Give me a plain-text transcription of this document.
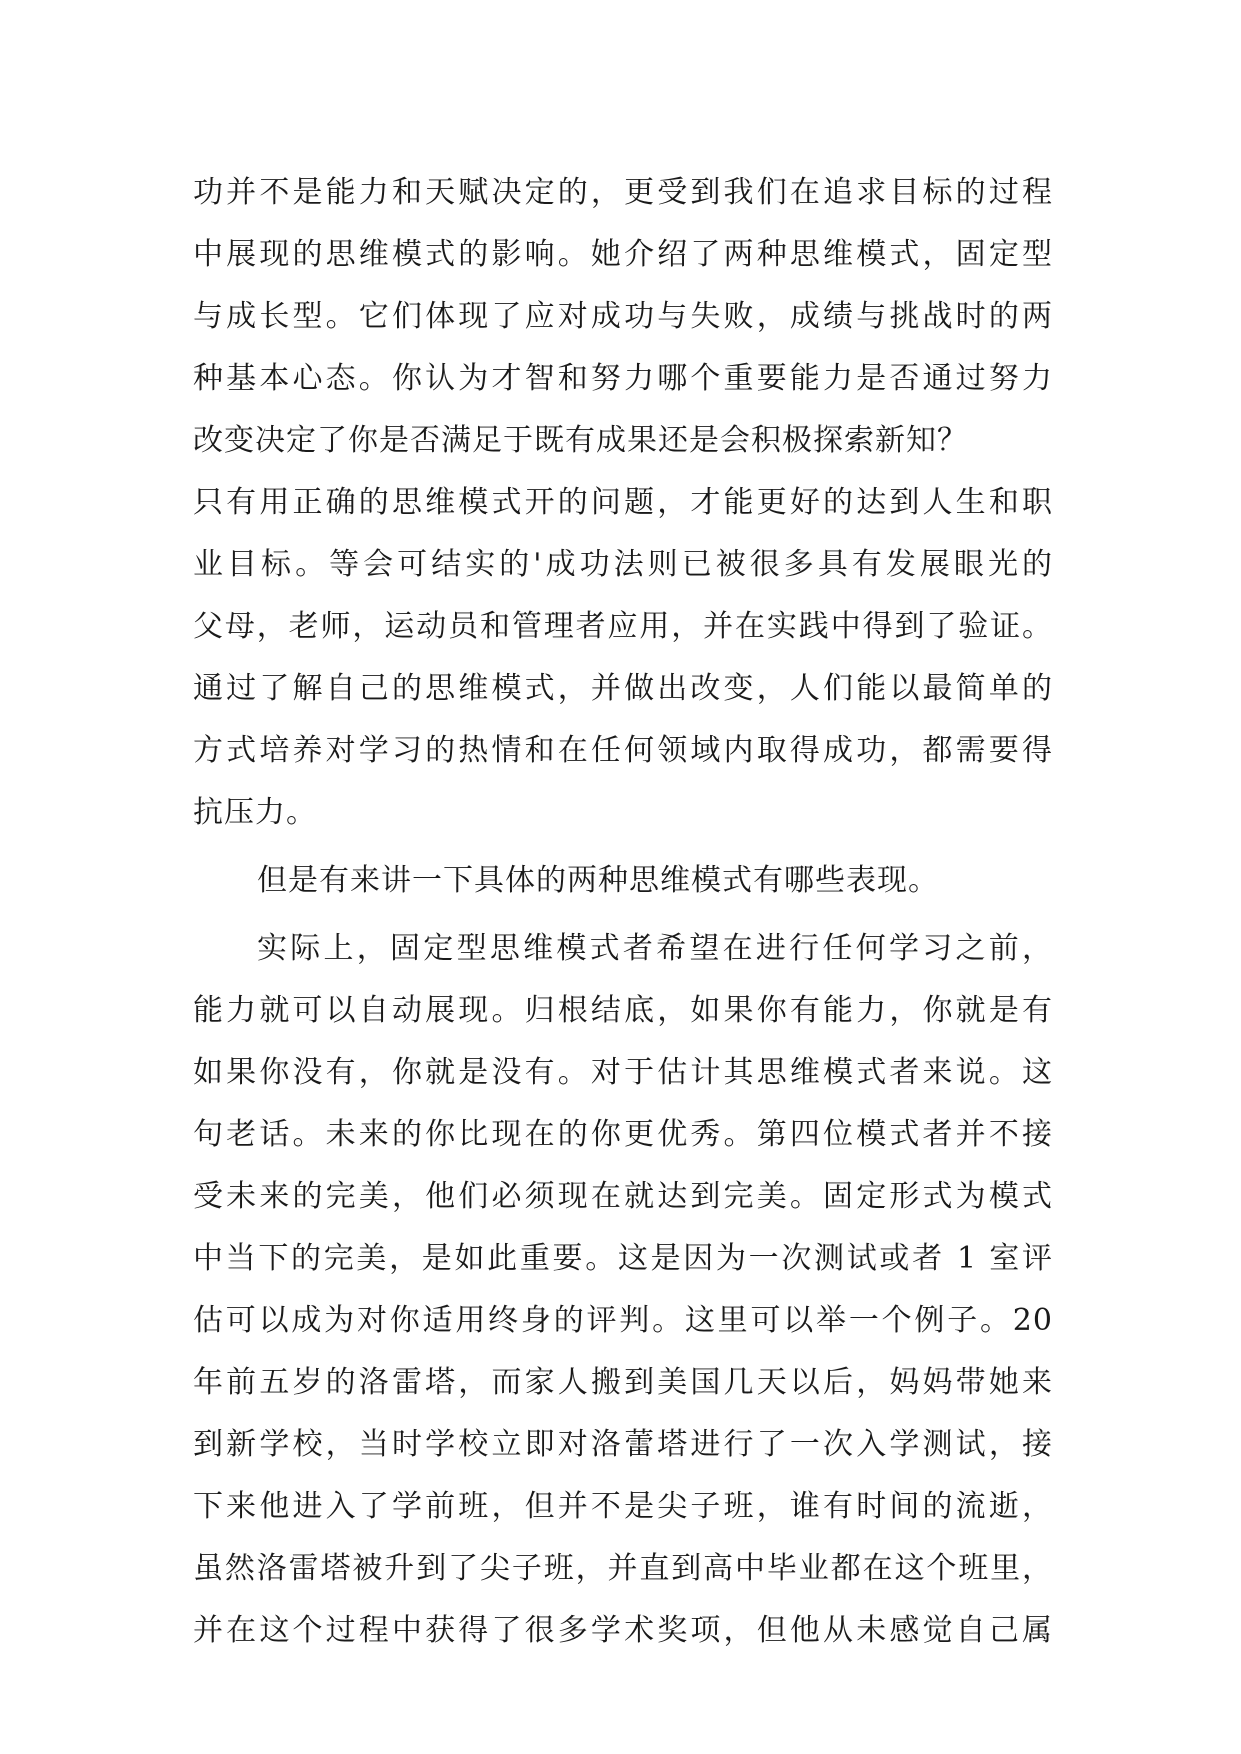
功并不是能力和天赋决定的，更受到我们在追求目标的过程
中展现的思维模式的影响。她介绍了两种思维模式，固定型
与成长型。它们体现了应对成功与失败，成绩与挑战时的两
种基本心态。你认为才智和努力哪个重要能力是否通过努力
改变决定了你是否满足于既有成果还是会积极探索新知？
只有用正确的思维模式开的问题，才能更好的达到人生和职
业目标。等会可结实的'成功法则已被很多具有发展眼光的
父母，老师，运动员和管理者应用，并在实践中得到了验证。
通过了解自己的思维模式，并做出改变，人们能以最简单的
方式培养对学习的热情和在任何领域内取得成功，都需要得
抗压力。
但是有来讲一下具体的两种思维模式有哪些表现。
实际上，固定型思维模式者希望在进行任何学习之前，
能力就可以自动展现。归根结底，如果你有能力，你就是有
如果你没有，你就是没有。对于估计其思维模式者来说。这
句老话。未来的你比现在的你更优秀。第四位模式者并不接
受未来的完美，他们必须现在就达到完美。固定形式为模式
中当下的完美，是如此重要。这是因为一次测试或者 1 室评
估可以成为对你适用终身的评判。这里可以举一个例子。20
年前五岁的洛雷塔，而家人搬到美国几天以后，妈妈带她来
到新学校，当时学校立即对洛蕾塔进行了一次入学测试，接
下来他进入了学前班，但并不是尖子班，谁有时间的流逝，
虽然洛雷塔被升到了尖子班，并直到高中毕业都在这个班里，
并在这个过程中获得了很多学术奖项，但他从未感觉自己属
